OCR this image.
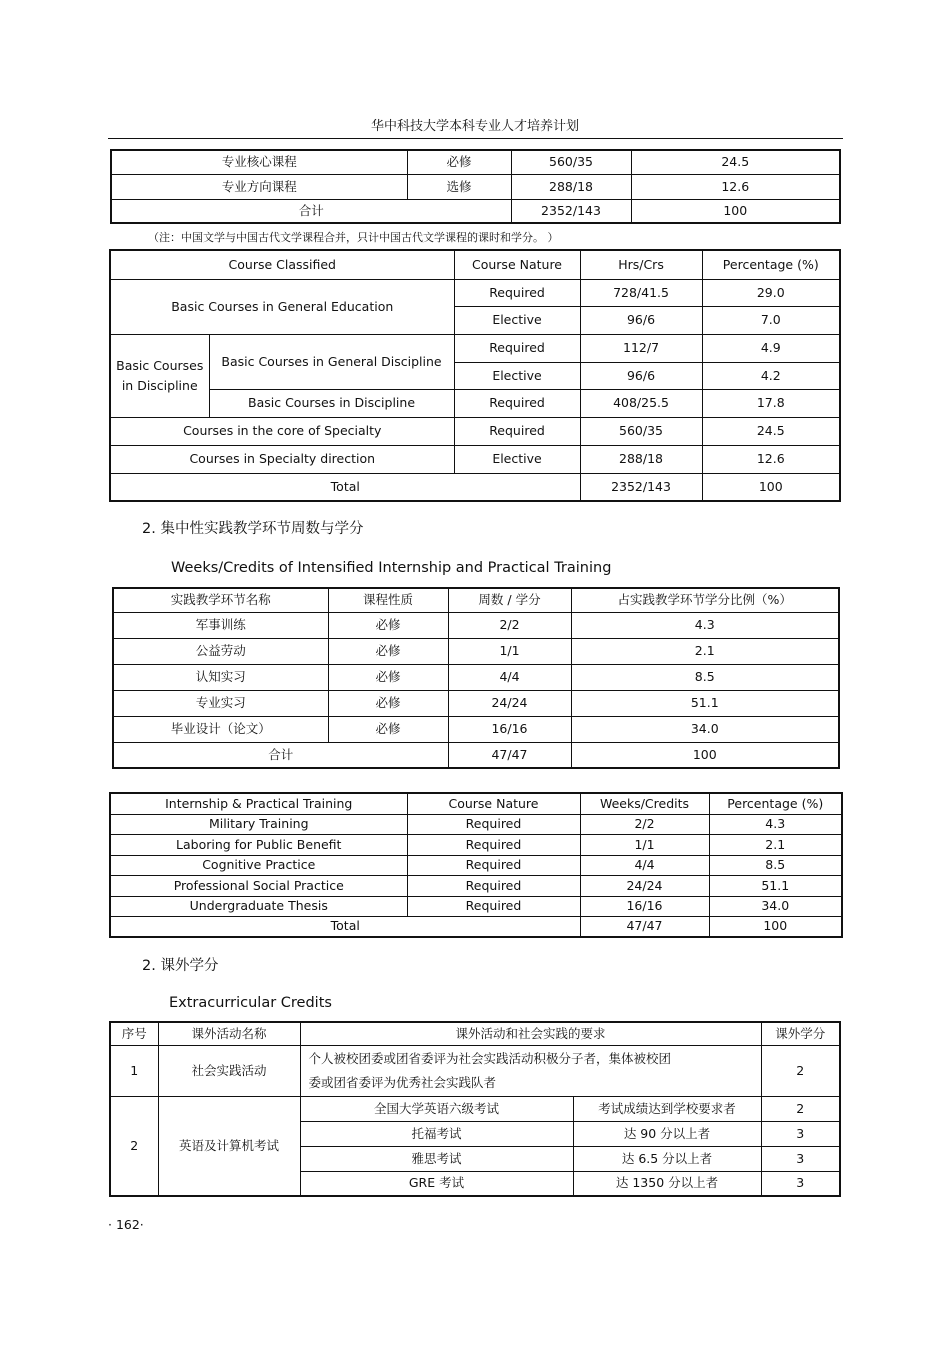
华中科技大学本科专业人才培养计划
专业核心课程	必修	560/35	24.5
专业方向课程	选修	288/18	12.6
合计		2352/143	100
（注：中国文学与中国古代文学课程合并，只计中国古代文学课程的课时和学分。 ）
Course Classified		Course Nature	Hrs/Crs	Percentage (%)
Basic Courses in General Education		Required	728/41.5	29.0
		Elective	96/6	7.0
Basic Courses in Discipline	Basic Courses in General Discipline	Required	112/7	4.9
		Elective	96/6	4.2
	Basic Courses in Discipline	Required	408/25.5	17.8
Courses in the core of Specialty		Required	560/35	24.5
Courses in Specialty direction		Elective	288/18	12.6
Total			2352/143	100
2. 集中性实践教学环节周数与学分
Weeks/Credits of Intensified Internship and Practical Training
实践教学环节名称	课程性质	周数 / 学分	占实践教学环节学分比例（%）
军事训练	必修	2/2	4.3
公益劳动	必修	1/1	2.1
认知实习	必修	4/4	8.5
专业实习	必修	24/24	51.1
毕业设计（论文）	必修	16/16	34.0
合计		47/47	100
Internship & Practical Training	Course Nature	Weeks/Credits	Percentage (%)
Military Training	Required	2/2	4.3
Laboring for Public Benefit	Required	1/1	2.1
Cognitive Practice	Required	4/4	8.5
Professional Social Practice	Required	24/24	51.1
Undergraduate Thesis	Required	16/16	34.0
Total		47/47	100
2. 课外学分
Extracurricular Credits
序号	课外活动名称	课外活动和社会实践的要求		课外学分
1	社会实践活动	个人被校团委或团省委评为社会实践活动积极分子者，集体被校团
委或团省委评为优秀社会实践队者		2
2	英语及计算机考试	全国大学英语六级考试	考试成绩达到学校要求者	2
		托福考试	达 90 分以上者	3
		雅思考试	达 6.5 分以上者	3
		GRE 考试	达 1350 分以上者	3
· 162·
